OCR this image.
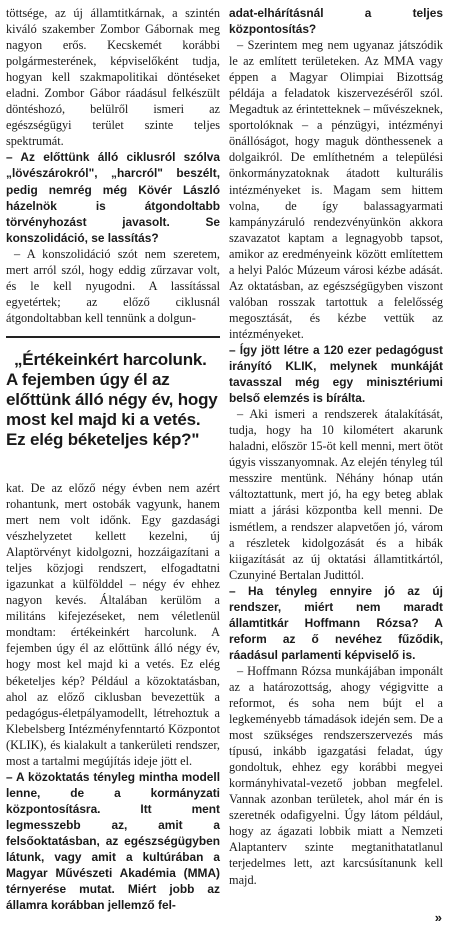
töttsége, az új államtitkárnak, a szintén kiváló szakember Zombor Gábornak meg nagyon erős. Kecskemét korábbi polgármesterének, képviselőként tudja, hogyan kell szakmapolitikai döntéseket eladni. Zombor Gábor ráadásul felkészült döntéshozó, belülről ismeri az egészségügyi terület szinte teljes spektrumát.

– Az előttünk álló ciklusról szólva „lövészárokról", „harcról" beszélt, pedig nemrég még Kövér László házelnök is átgondoltabb törvényhozást javasolt. Se konszolidáció, se lassítás?

– A konszolidáció szót nem szeretem, mert arról szól, hogy eddig zűrzavar volt, és le kell nyugodni. A lassítással egyetértek; az előző ciklusnál átgondoltabban kell tennünk a dolgun-

„Értékeinkért harcolunk. A fejemben úgy él az előttünk álló négy év, hogy most kel majd ki a vetés. Ez elég béketeljes kép?"

kat. De az előző négy évben nem azért rohantunk, mert ostobák vagyunk, hanem mert nem volt időnk. Egy gazdasági vészhelyzetet kellett kezelni, új Alaptörvényt kidolgozni, hozzáigazítani a teljes közjogi rendszert, elfogadtatni igazunkat a külfölddel – négy év ehhez nagyon kevés. Általában kerülöm a militáns kifejezéseket, nem véletlenül mondtam: értékeinkért harcolunk. A fejemben úgy él az előttünk álló négy év, hogy most kel majd ki a vetés. Ez elég béketeljes kép? Például a közoktatásban, ahol az előző ciklusban bevezettük a pedagógus-életpályamodellt, létrehoztuk a Klebelsberg Intézményfenntartó Központot (KLIK), és kialakult a tankerületi rendszer, most a tartalmi megújítás ideje jött el.

– A közoktatás tényleg mintha modell lenne, de a kormányzati központosításra. Itt ment legmesszebb az, amit a felsőoktatásban, az egészségügyben látunk, vagy amit a kultúrában a Magyar Művészeti Akadémia (MMA) térnyerése mutat. Miért jobb az államra korábban jellemző fel-

adat-elhárításnál a teljes központosítás?

– Szerintem meg nem ugyanaz játszódik le az említett területeken. Az MMA vagy éppen a Magyar Olimpiai Bizottság példája a feladatok kiszervezéséről szól. Megadtuk az érintetteknek – művészeknek, sportolóknak – a pénzügyi, intézményi önállóságot, hogy maguk dönthessenek a dolgaikról. De említhetném a települési önkormányzatoknak átadott kulturális intézményeket is. Magam sem hittem volna, de így balassagyarmati kampányzáruló rendezvényünkön akkora szavazatot kaptam a legnagyobb tapsot, amikor az eredményeink között említettem a helyi Palóc Múzeum városi kézbe adását. Az oktatásban, az egészségügyben viszont valóban rosszak tartottuk a felelősség megosztását, és kézbe vettük az intézményeket.

– Így jött létre a 120 ezer pedagógust irányító KLIK, melynek munkáját tavasszal még egy minisztériumi belső elemzés is bírálta.

– Aki ismeri a rendszerek átalakítását, tudja, hogy ha 10 kilométert akarunk haladni, először 15-öt kell menni, mert ötöt úgyis visszanyomnak. Az elején tényleg túl messzire mentünk. Néhány hónap után változtattunk, mert jó, ha egy beteg ablak miatt a járási központba kell menni. De ismétlem, a rendszer alapvetően jó, várom a részletek kidolgozását és a hibák kiigazítását az új oktatási államtitkártól, Czunyiné Bertalan Judittól.

– Ha tényleg ennyire jó az új rendszer, miért nem maradt államtitkár Hoffmann Rózsa? A reform az ő nevéhez fűződik, ráadásul parlamenti képviselő is.

– Hoffmann Rózsa munkájában imponált az a határozottság, ahogy végigvitte a reformot, és soha nem bújt el a legkeményebb támadások idején sem. De a most szükséges rendszerszervezés más típusú, inkább igazgatási feladat, úgy gondoltuk, ehhez egy korábbi megyei kormányhivatal-vezető jobban megfelel. Vannak azonban területek, ahol már én is szeretnék odafigyelni. Úgy látom például, hogy az ágazati lobbik miatt a Nemzeti Alaptanterv szinte megtanithatatlanul terjedelmes lett, azt karcsúsítanunk kell majd.

»
